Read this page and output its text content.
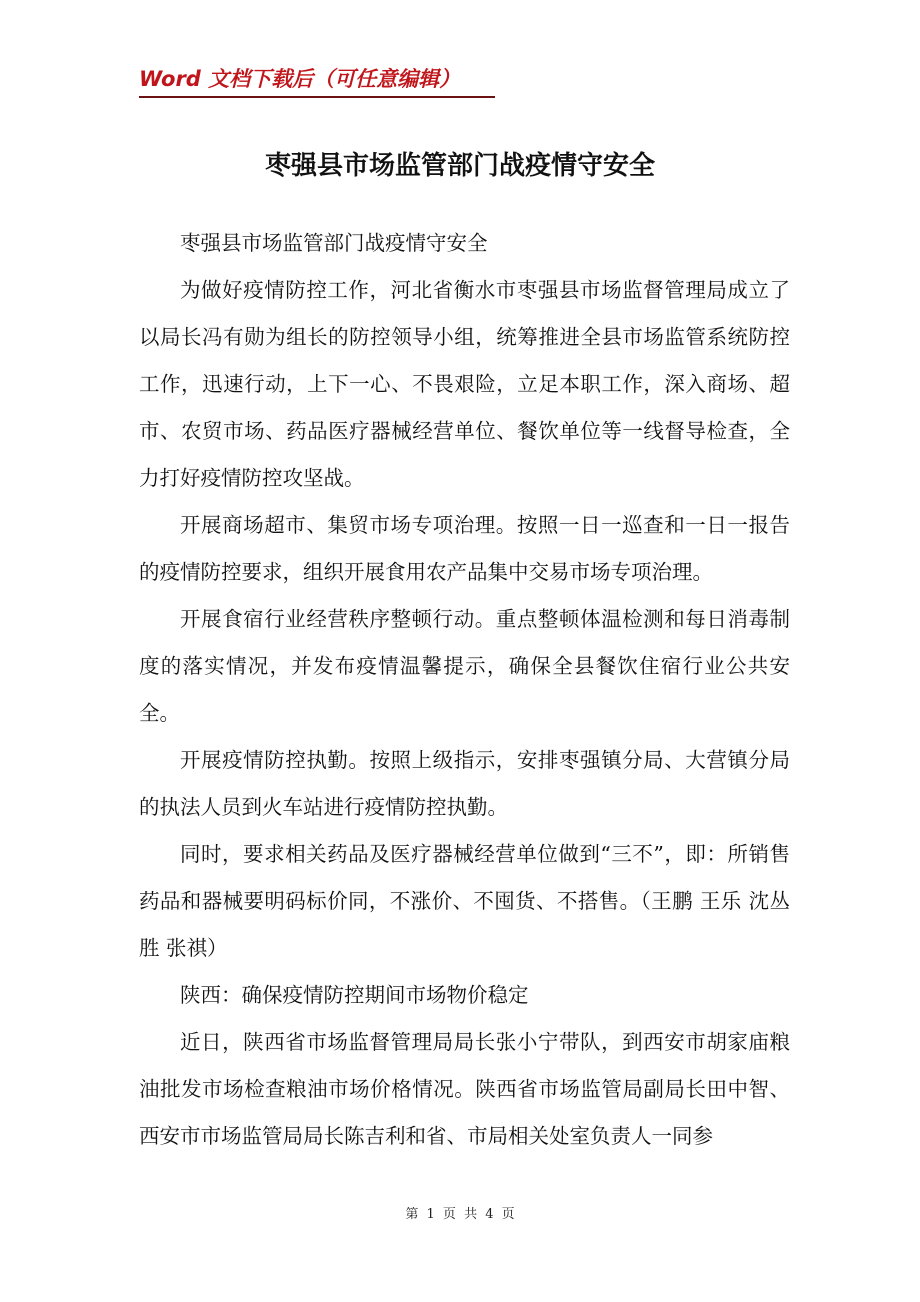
Word 文档下载后（可任意编辑）
枣强县市场监管部门战疫情守安全

枣强县市场监管部门战疫情守安全

为做好疫情防控工作，河北省衡水市枣强县市场监督管理局成立了以局长冯有勋为组长的防控领导小组，统筹推进全县市场监管系统防控工作，迅速行动，上下一心、不畏艰险，立足本职工作，深入商场、超市、农贸市场、药品医疗器械经营单位、餐饮单位等一线督导检查，全力打好疫情防控攻坚战。

开展商场超市、集贸市场专项治理。按照一日一巡查和一日一报告的疫情防控要求，组织开展食用农产品集中交易市场专项治理。

开展食宿行业经营秩序整顿行动。重点整顿体温检测和每日消毒制度的落实情况，并发布疫情温馨提示，确保全县餐饮住宿行业公共安全。

开展疫情防控执勤。按照上级指示，安排枣强镇分局、大营镇分局的执法人员到火车站进行疫情防控执勤。

同时，要求相关药品及医疗器械经营单位做到“三不”，即：所销售药品和器械要明码标价同，不涨价、不囤货、不搭售。（王鹏 王乐 沈丛胜 张祺）

陕西：确保疫情防控期间市场物价稳定

近日，陕西省市场监督管理局局长张小宁带队，到西安市胡家庙粮油批发市场检查粮油市场价格情况。陕西省市场监管局副局长田中智、西安市市场监管局局长陈吉利和省、市局相关处室负责人一同参

第 1 页 共 4 页
